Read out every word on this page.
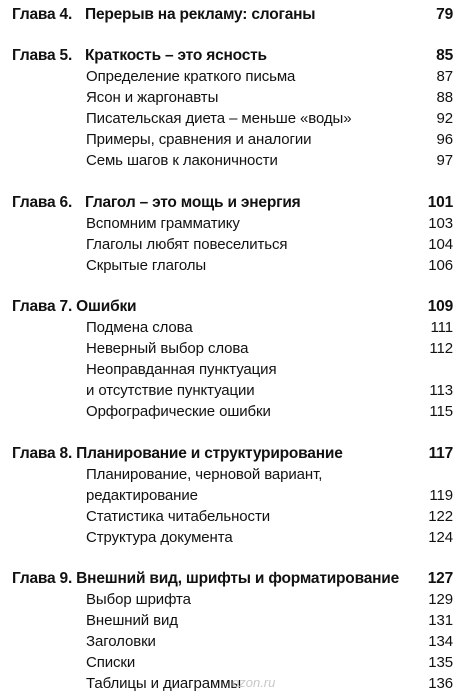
Глава 4. Перерыв на рекламу: слоганы	79
Глава 5. Краткость – это ясность	85
Определение краткого письма	87
Ясон и жаргонавты	88
Писательская диета – меньше «воды»	92
Примеры, сравнения и аналогии	96
Семь шагов к лаконичности	97
Глава 6. Глагол – это мощь и энергия	101
Вспомним грамматику	103
Глаголы любят повеселиться	104
Скрытые глаголы	106
Глава 7. Ошибки	109
Подмена слова	111
Неверный выбор слова	112
Неоправданная пунктуация
и отсутствие пунктуации	113
Орфографические ошибки	115
Глава 8. Планирование и структурирование	117
Планирование, черновой вариант,
редактирование	119
Статистика читабельности	122
Структура документа	124
Глава 9. Внешний вид, шрифты и форматирование 127
Выбор шрифта	129
Внешний вид	131
Заголовки	134
Списки	135
Таблицы и диаграммы	136
ozon.ru
